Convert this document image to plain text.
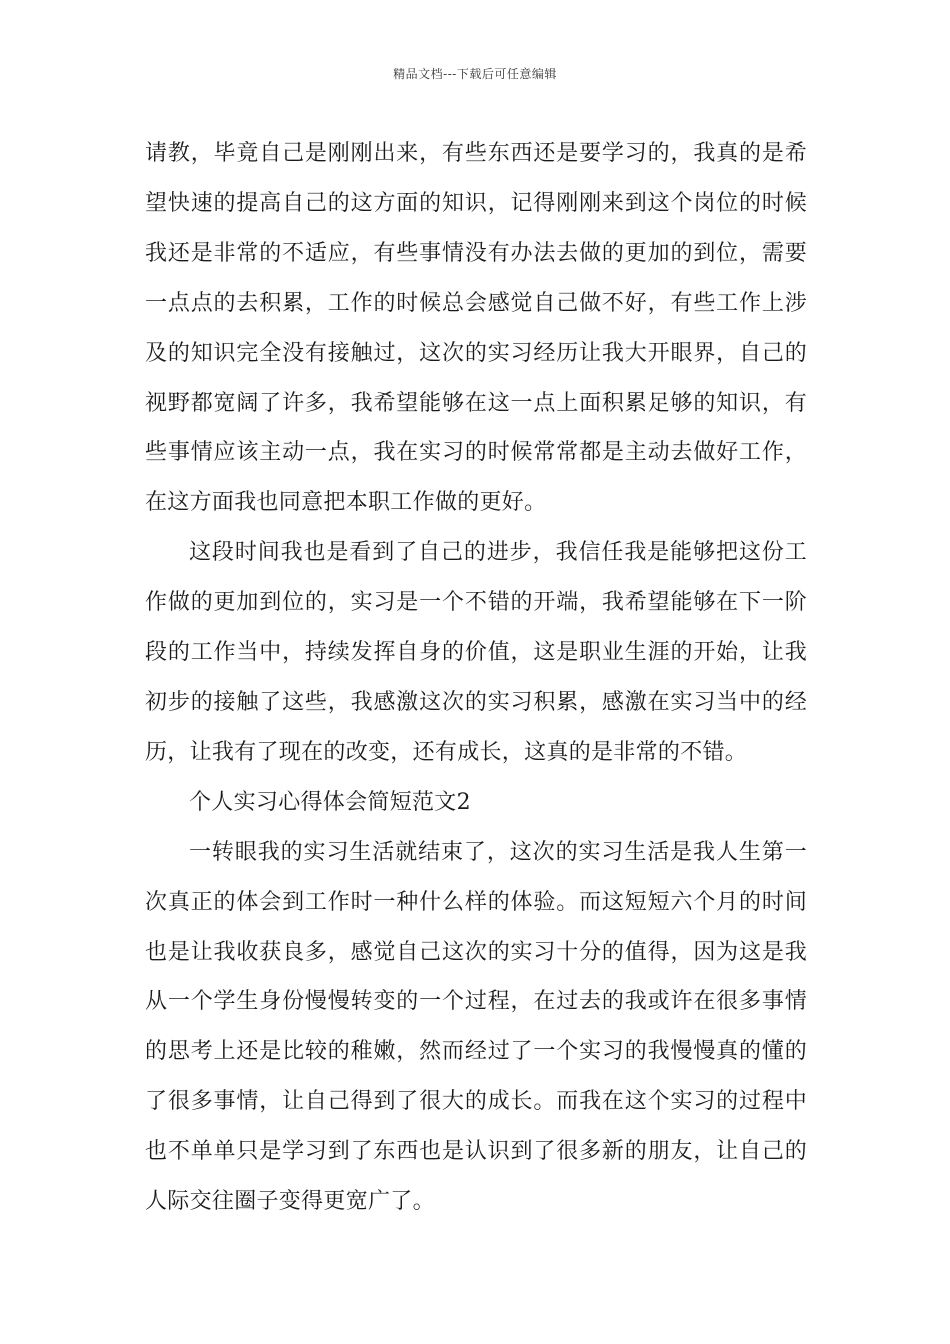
精品文档---下载后可任意编辑

请教，毕竟自己是刚刚出来，有些东西还是要学习的，我真的是希望快速的提高自己的这方面的知识，记得刚刚来到这个岗位的时候我还是非常的不适应，有些事情没有办法去做的更加的到位，需要一点点的去积累，工作的时候总会感觉自己做不好，有些工作上涉及的知识完全没有接触过，这次的实习经历让我大开眼界，自己的视野都宽阔了许多，我希望能够在这一点上面积累足够的知识，有些事情应该主动一点，我在实习的时候常常都是主动去做好工作，在这方面我也同意把本职工作做的更好。

这段时间我也是看到了自己的进步，我信任我是能够把这份工作做的更加到位的，实习是一个不错的开端，我希望能够在下一阶段的工作当中，持续发挥自身的价值，这是职业生涯的开始，让我初步的接触了这些，我感激这次的实习积累，感激在实习当中的经历，让我有了现在的改变，还有成长，这真的是非常的不错。

个人实习心得体会简短范文2

一转眼我的实习生活就结束了，这次的实习生活是我人生第一次真正的体会到工作时一种什么样的体验。而这短短六个月的时间也是让我收获良多，感觉自己这次的实习十分的值得，因为这是我从一个学生身份慢慢转变的一个过程，在过去的我或许在很多事情的思考上还是比较的稚嫩，然而经过了一个实习的我慢慢真的懂的了很多事情，让自己得到了很大的成长。而我在这个实习的过程中也不单单只是学习到了东西也是认识到了很多新的朋友，让自己的人际交往圈子变得更宽广了。
